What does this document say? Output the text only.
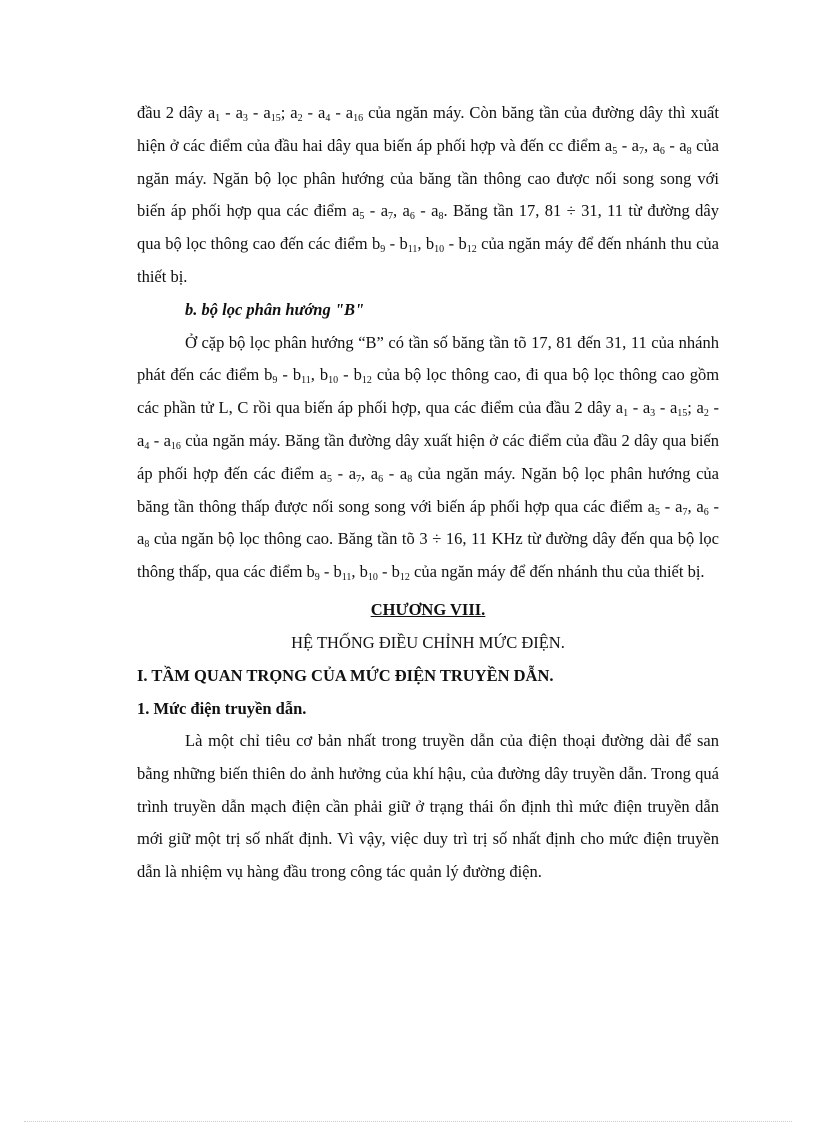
đầu 2 dây $a_1 - a_3 - a_{15}$; $a_2 - a_4 - a_{16}$ của ngăn máy. Còn băng tần của đường dây thì xuất hiện ở các điểm của đầu hai dây qua biến áp phối hợp và đến cc điểm $a_5 - a_7$, $a_6 - a_8$ của ngăn máy. Ngăn bộ lọc phân hướng của băng tần thông cao được nối song song với biến áp phối hợp qua các điểm $a_5 - a_7$, $a_6 - a_8$. Băng tần 17, 81 ÷ 31, 11 từ đường dây qua bộ lọc thông cao đến các điểm $b_9 - b_{11}$, $b_{10} - b_{12}$ của ngăn máy để đến nhánh thu của thiết bị.

b. bộ lọc phân hướng "B"

Ở cặp bộ lọc phân hướng “B” có tần số băng tần tõ 17, 81 đến 31, 11 của nhánh phát đến các điểm $b_9 - b_{11}$, $b_{10} - b_{12}$ của bộ lọc thông cao, đi qua bộ lọc thông cao gồm các phần tử L, C rồi qua biến áp phối hợp, qua các điểm của đầu 2 dây $a_1 - a_3 - a_{15}$; $a_2 - a_4 - a_{16}$ của ngăn máy. Băng tần đường dây xuất hiện ở các điểm của đầu 2 dây qua biến áp phối hợp đến các điểm $a_5 - a_7$, $a_6 - a_8$ của ngăn máy. Ngăn bộ lọc phân hướng của băng tần thông thấp được nối song song với biến áp phối hợp qua các điểm $a_5 - a_7$, $a_6 - a_8$ của ngăn bộ lọc thông cao. Băng tần tõ 3 ÷ 16, 11 KHz từ đường dây đến qua bộ lọc thông thấp, qua các điểm $b_9 - b_{11}$, $b_{10} - b_{12}$ của ngăn máy để đến nhánh thu của thiết bị.

CHƯƠNG VIII.

HỆ THỐNG ĐIỀU CHỈNH MỨC ĐIỆN.

I. TẦM QUAN TRỌNG CỦA MỨC ĐIỆN TRUYỀN DẪN.

1. Mức điện truyền dẫn.

Là một chỉ tiêu cơ bản nhất trong truyền dẫn của điện thoại đường dài để san bằng những biến thiên do ảnh hưởng của khí hậu, của đường dây truyền dẫn. Trong quá trình truyền dẫn mạch điện cần phải giữ ở trạng thái ổn định thì mức điện truyền dẫn mới giữ một trị số nhất định. Vì vậy, việc duy trì trị số nhất định cho mức điện truyền dẫn là nhiệm vụ hàng đầu trong công tác quản lý đường điện.
